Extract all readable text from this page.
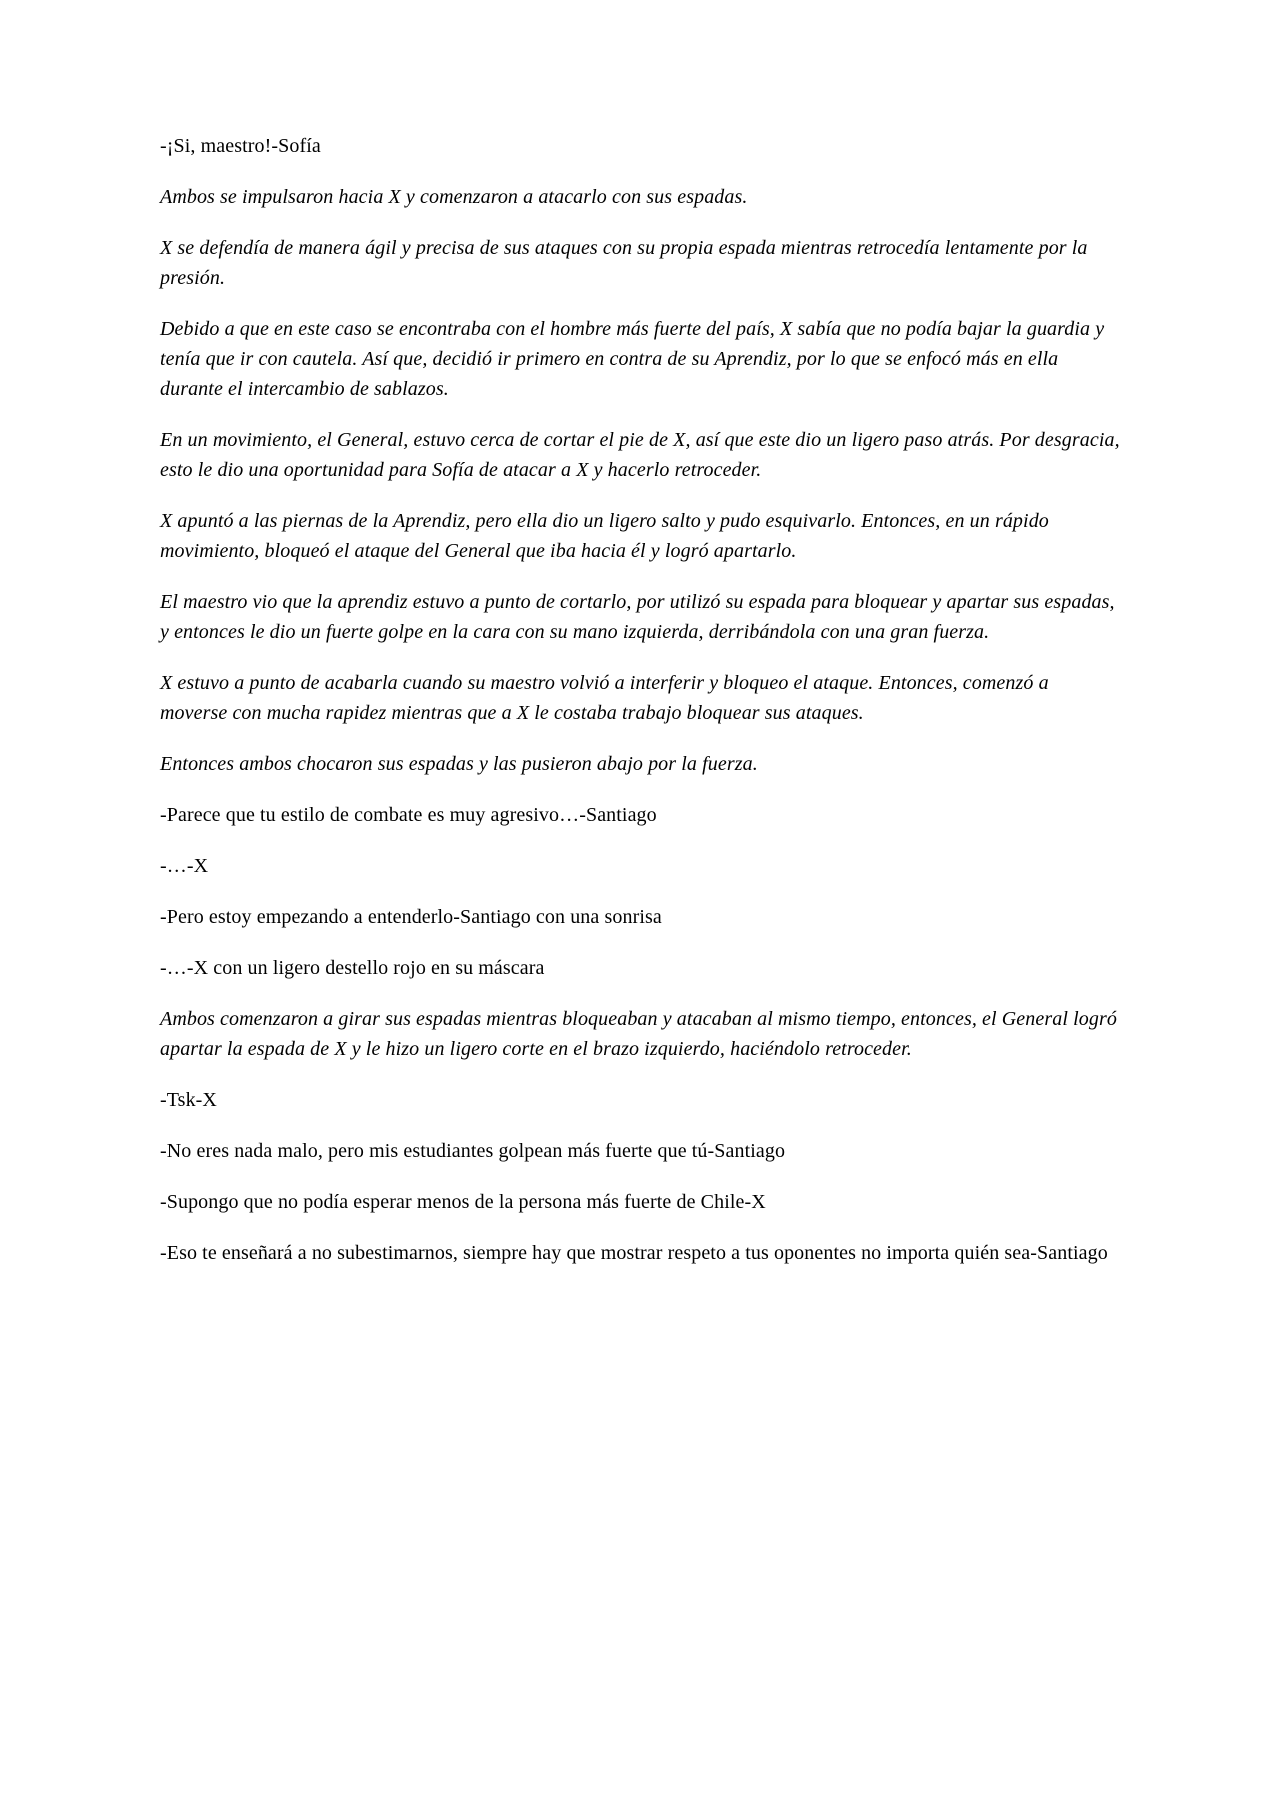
-¡Si, maestro!-Sofía

Ambos se impulsaron hacia X y comenzaron a atacarlo con sus espadas.

X se defendía de manera ágil y precisa de sus ataques con su propia espada mientras retrocedía lentamente por la presión.

Debido a que en este caso se encontraba con el hombre más fuerte del país, X sabía que no podía bajar la guardia y tenía que ir con cautela. Así que, decidió ir primero en contra de su Aprendiz, por lo que se enfocó más en ella durante el intercambio de sablazos.

En un movimiento, el General, estuvo cerca de cortar el pie de X, así que este dio un ligero paso atrás. Por desgracia, esto le dio una oportunidad para Sofía de atacar a X y hacerlo retroceder.

X apuntó a las piernas de la Aprendiz, pero ella dio un ligero salto y pudo esquivarlo. Entonces, en un rápido movimiento, bloqueó el ataque del General que iba hacia él y logró apartarlo.

El maestro vio que la aprendiz estuvo a punto de cortarlo, por utilizó su espada para bloquear y apartar sus espadas, y entonces le dio un fuerte golpe en la cara con su mano izquierda, derribándola con una gran fuerza.

X estuvo a punto de acabarla cuando su maestro volvió a interferir y bloqueo el ataque. Entonces, comenzó a moverse con mucha rapidez mientras que a X le costaba trabajo bloquear sus ataques.

Entonces ambos chocaron sus espadas y las pusieron abajo por la fuerza.

-Parece que tu estilo de combate es muy agresivo…-Santiago

-…-X

-Pero estoy empezando a entenderlo-Santiago con una sonrisa

-…-X con un ligero destello rojo en su máscara

Ambos comenzaron a girar sus espadas mientras bloqueaban y atacaban al mismo tiempo, entonces, el General logró apartar la espada de X y le hizo un ligero corte en el brazo izquierdo, haciéndolo retroceder.

-Tsk-X

-No eres nada malo, pero mis estudiantes golpean más fuerte que tú-Santiago

-Supongo que no podía esperar menos de la persona más fuerte de Chile-X

-Eso te enseñará a no subestimarnos, siempre hay que mostrar respeto a tus oponentes no importa quién sea-Santiago
